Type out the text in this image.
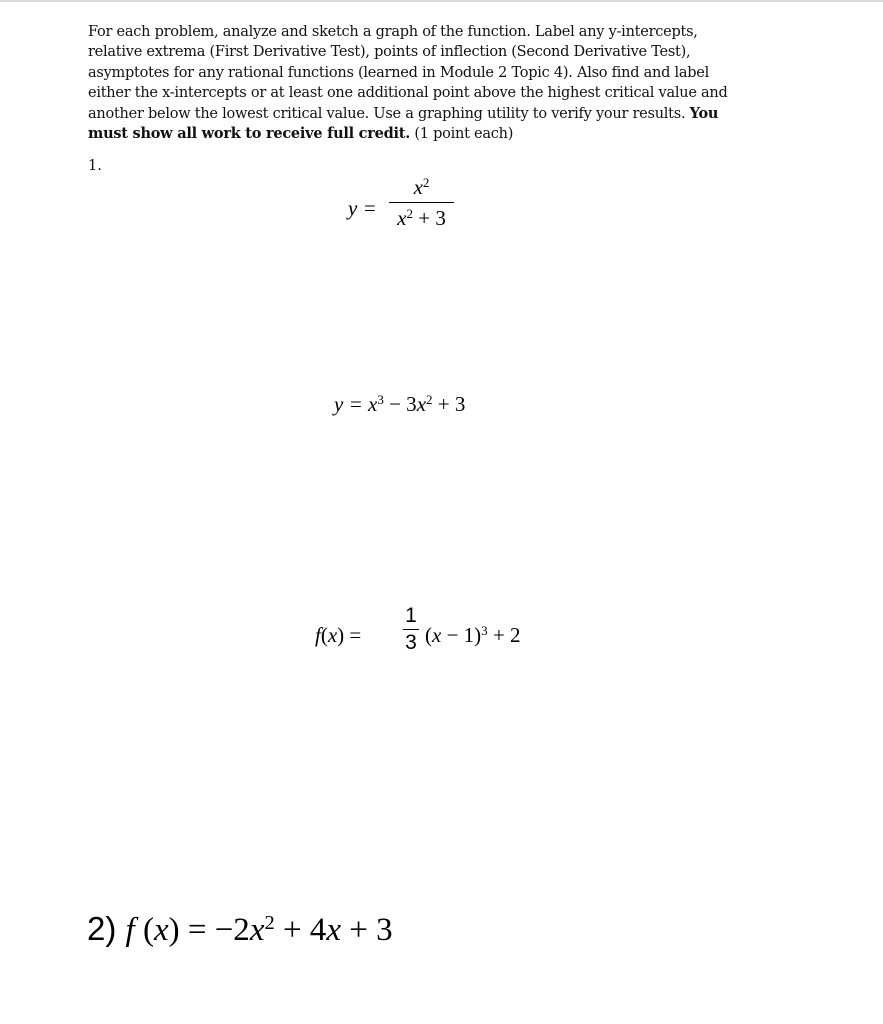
For each problem, analyze and sketch a graph of the function. Label any y-intercepts,
relative extrema (First Derivative Test), points of inflection (Second Derivative Test),
asymptotes for any rational functions (learned in Module 2 Topic 4). Also find and label
either the x-intercepts or at least one additional point above the highest critical value and
another below the lowest critical value. Use a graphing utility to verify your results. You
must show all work to receive full credit. (1 point each)
1.
y =
$x^2$
$x^2 + 3$
$y = x^3 - 3x^2 + 3$
f(x) =
1
3 $(x - 1)^3 + 2$
2) f $(x) = -2x^2 + 4x + 3$
